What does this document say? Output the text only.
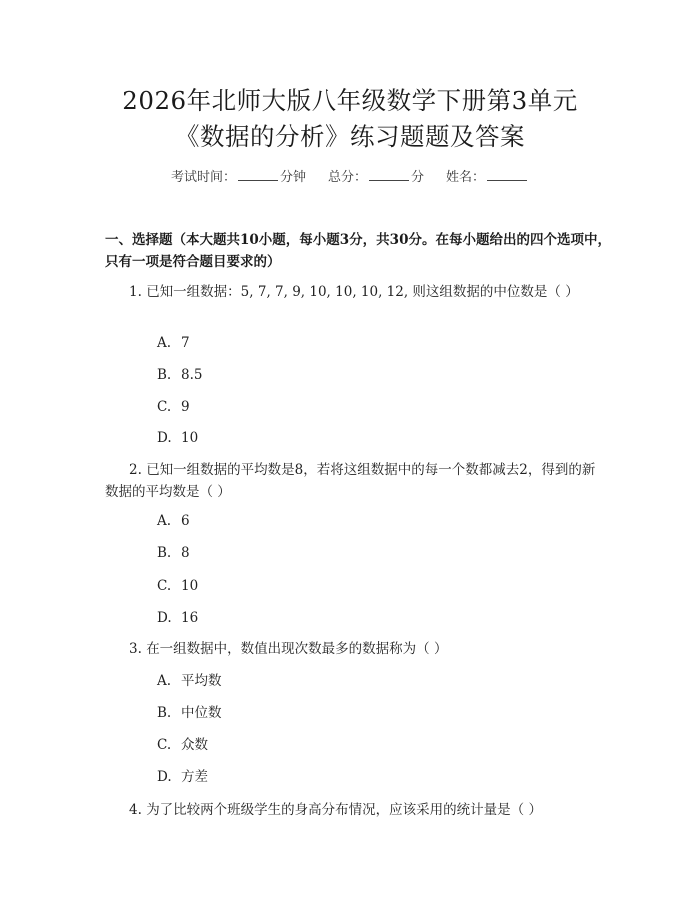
2026年北师大版八年级数学下册第3单元
《数据的分析》练习题题及答案
考试时间：	分钟 总分：	分 姓名：
一、选择题（本大题共10小题，每小题3分，共30分。在每小题给出的四个选项中，只有一项是符合题目要求的）
1. 已知一组数据：5, 7, 7, 9, 10, 10, 10, 12, 则这组数据的中位数是（ ）
A. 7
B. 8.5
C. 9
D. 10
2. 已知一组数据的平均数是8，若将这组数据中的每一个数都减去2，得到的新数据的平均数是（ ）
A. 6
B. 8
C. 10
D. 16
3. 在一组数据中，数值出现次数最多的数据称为（ ）
A. 平均数
B. 中位数
C. 众数
D. 方差
4. 为了比较两个班级学生的身高分布情况，应该采用的统计量是（ ）
